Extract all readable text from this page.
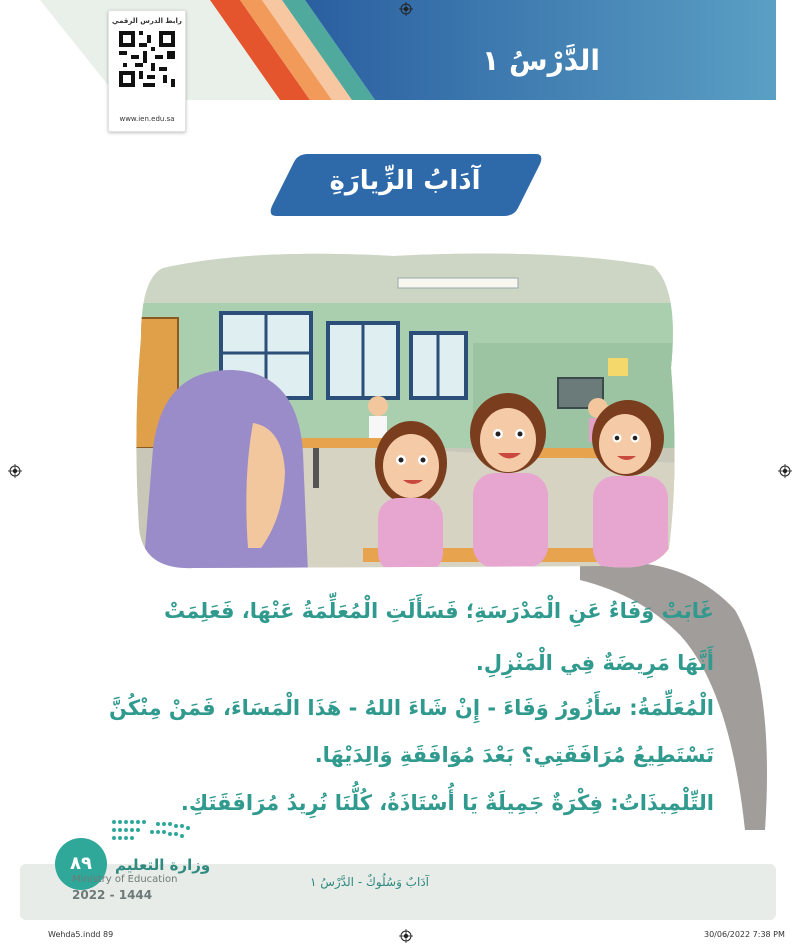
الدَّرْسُ ١
رابط الدرس الرقمي
www.ien.edu.sa
آدَابُ الزِّيارَةِ
غَابَتْ وَفَاءُ عَنِ الْمَدْرَسَةِ؛ فَسَأَلَتِ الْمُعَلِّمَةُ عَنْهَا، فَعَلِمَتْ
أَنَّهَا مَرِيضَةٌ فِي الْمَنْزِلِ.
الْمُعَلِّمَةُ: سَأَزُورُ وَفَاءَ - إِنْ شَاءَ اللهُ - هَذَا الْمَسَاءَ، فَمَنْ مِنْكُنَّ
تَسْتَطِيعُ مُرَافَقَتِي؟ بَعْدَ مُوَافَقَةِ وَالِدَيْهَا.
التِّلْمِيذَاتُ: فِكْرَةٌ جَمِيلَةٌ يَا أُسْتَاذَةُ، كُلُّنَا نُرِيدُ مُرَافَقَتَكِ.
٨٩	وزارة التعليم
Ministry of Education
2022 - 1444
آدَابٌ وَسُلُوكٌ - الدَّرْسُ ١
Wehda5.indd 89	30/06/2022 7:38 PM
